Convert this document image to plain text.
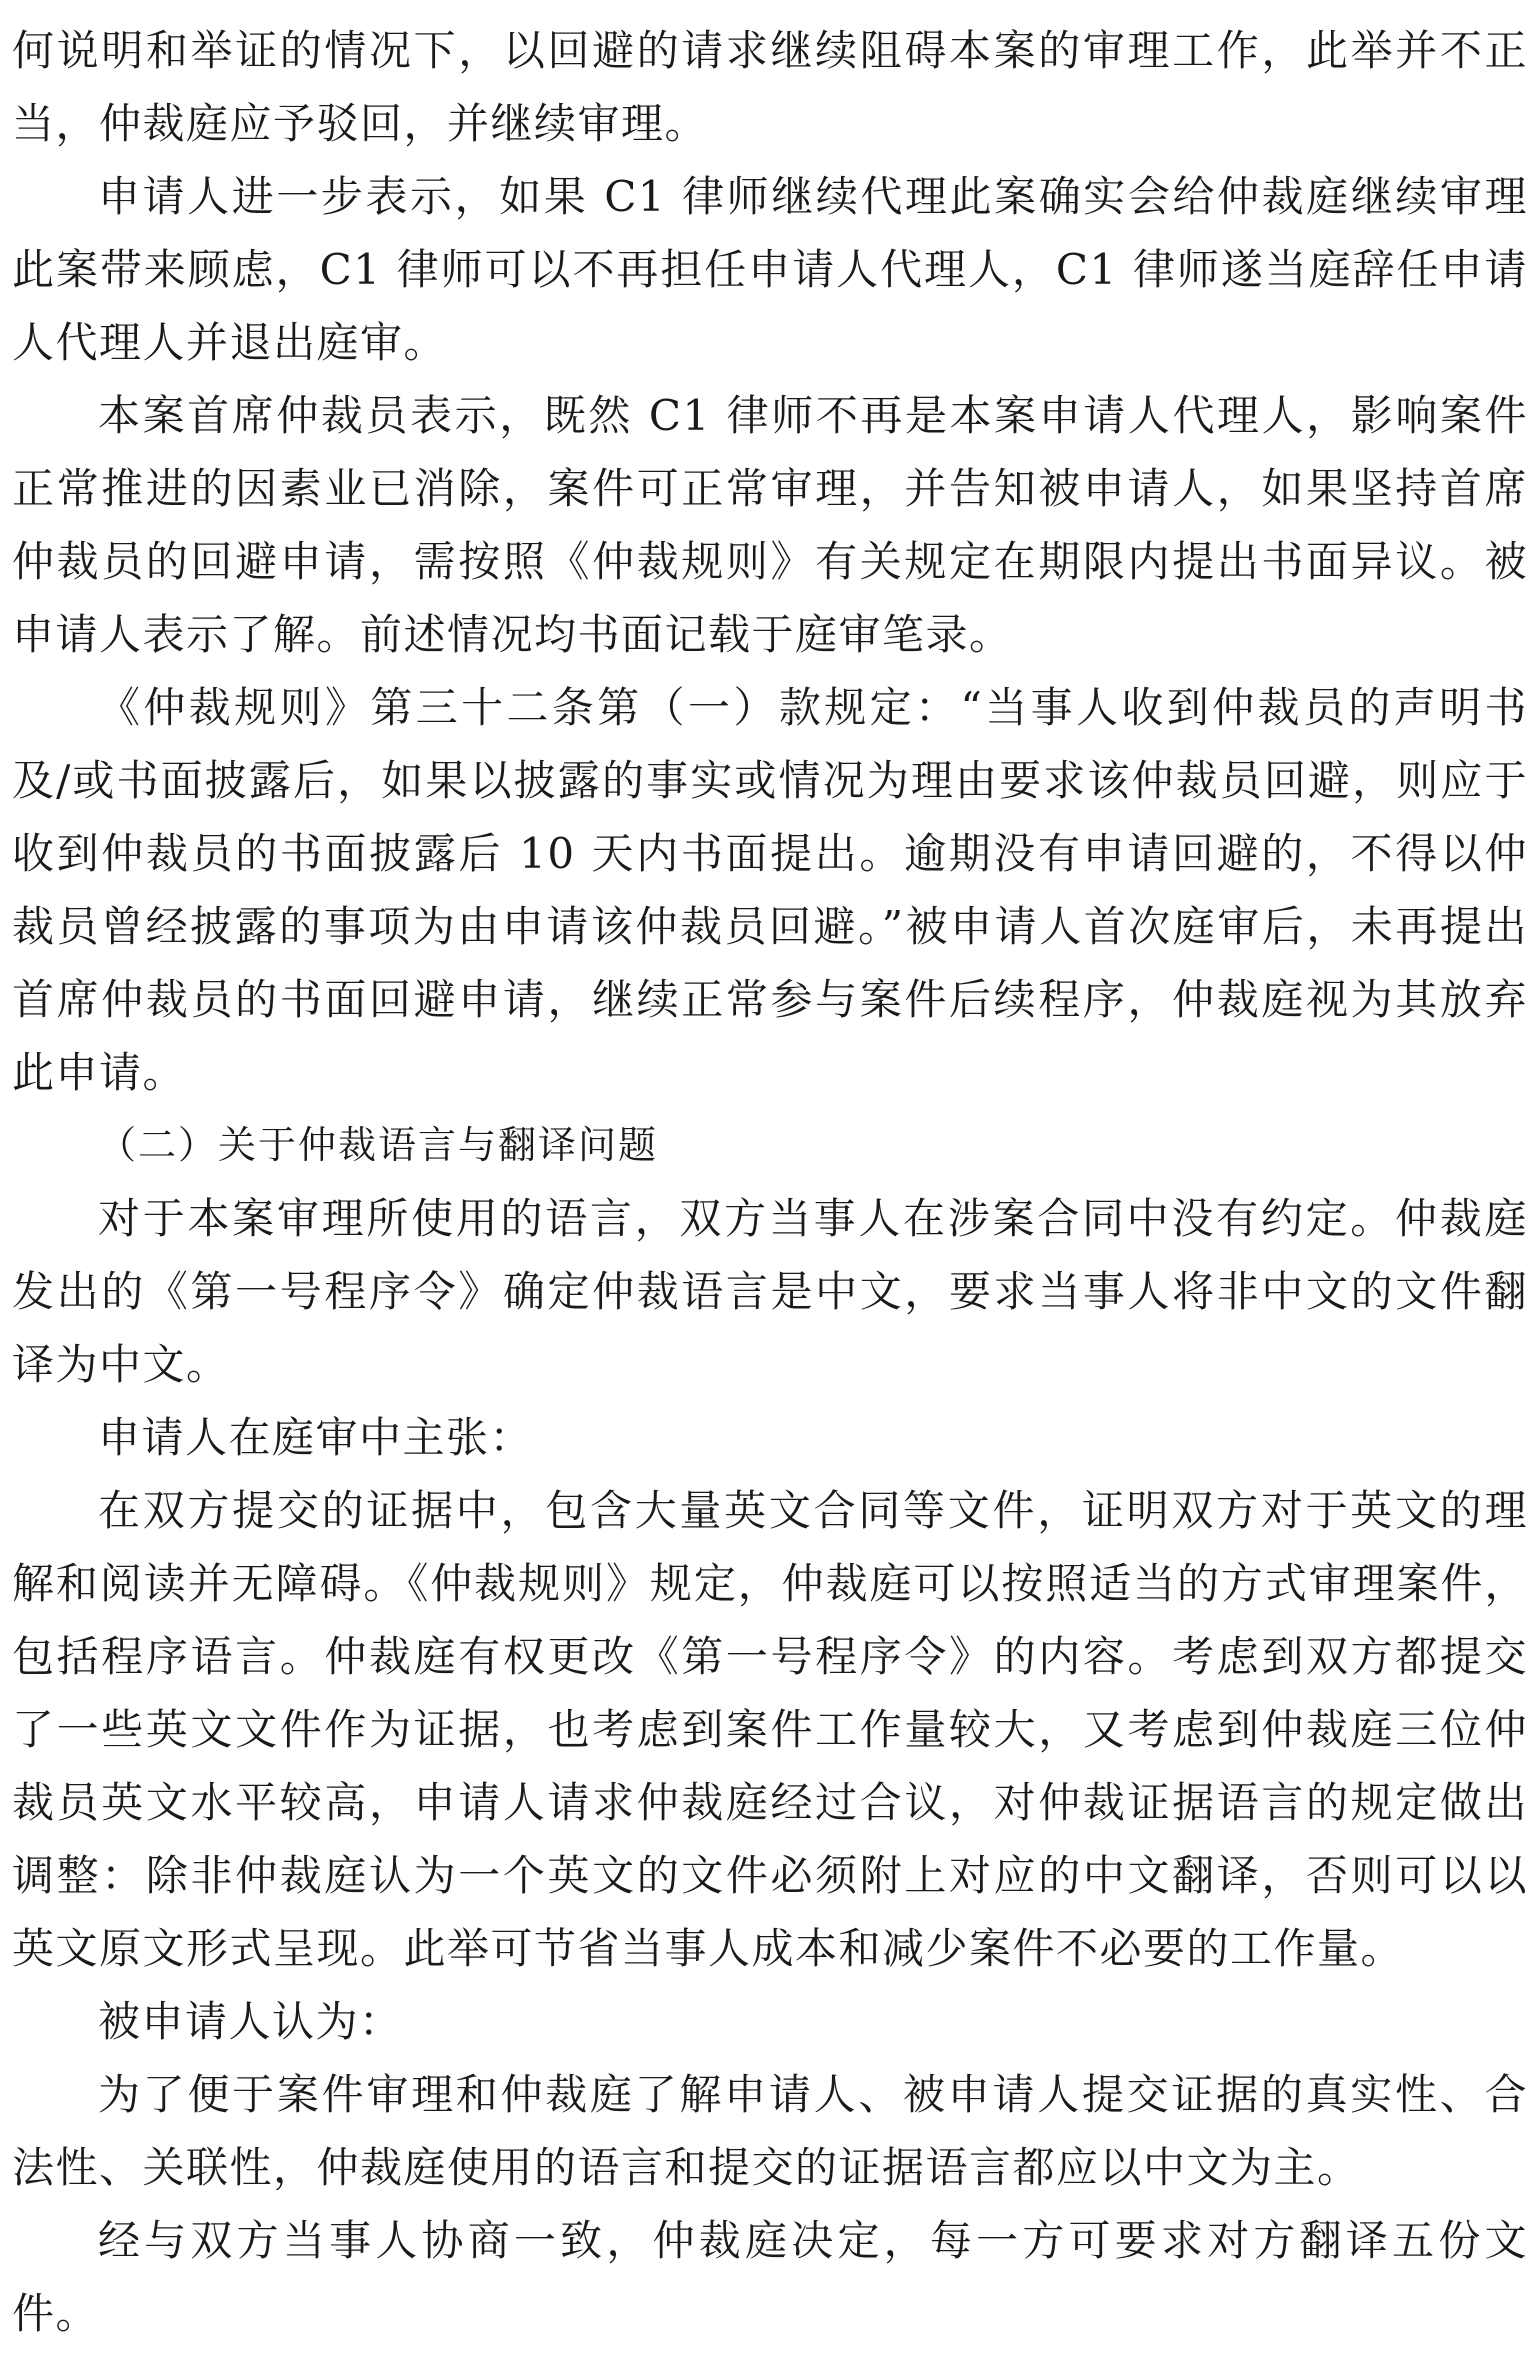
何说明和举证的情况下，以回避的请求继续阻碍本案的审理工作，此举并不正当，仲裁庭应予驳回，并继续审理。

申请人进一步表示，如果 C1 律师继续代理此案确实会给仲裁庭继续审理此案带来顾虑，C1 律师可以不再担任申请人代理人，C1 律师遂当庭辞任申请人代理人并退出庭审。

本案首席仲裁员表示，既然 C1 律师不再是本案申请人代理人，影响案件正常推进的因素业已消除，案件可正常审理，并告知被申请人，如果坚持首席仲裁员的回避申请，需按照《仲裁规则》有关规定在期限内提出书面异议。被申请人表示了解。前述情况均书面记载于庭审笔录。

《仲裁规则》第三十二条第（一）款规定：“当事人收到仲裁员的声明书及/或书面披露后，如果以披露的事实或情况为理由要求该仲裁员回避，则应于收到仲裁员的书面披露后 10 天内书面提出。逾期没有申请回避的，不得以仲裁员曾经披露的事项为由申请该仲裁员回避。”被申请人首次庭审后，未再提出首席仲裁员的书面回避申请，继续正常参与案件后续程序，仲裁庭视为其放弃此申请。

（二）关于仲裁语言与翻译问题

对于本案审理所使用的语言，双方当事人在涉案合同中没有约定。仲裁庭发出的《第一号程序令》确定仲裁语言是中文，要求当事人将非中文的文件翻译为中文。

申请人在庭审中主张：

在双方提交的证据中，包含大量英文合同等文件，证明双方对于英文的理解和阅读并无障碍。《仲裁规则》规定，仲裁庭可以按照适当的方式审理案件，包括程序语言。仲裁庭有权更改《第一号程序令》的内容。考虑到双方都提交了一些英文文件作为证据，也考虑到案件工作量较大，又考虑到仲裁庭三位仲裁员英文水平较高，申请人请求仲裁庭经过合议，对仲裁证据语言的规定做出调整：除非仲裁庭认为一个英文的文件必须附上对应的中文翻译，否则可以以英文原文形式呈现。此举可节省当事人成本和减少案件不必要的工作量。

被申请人认为：

为了便于案件审理和仲裁庭了解申请人、被申请人提交证据的真实性、合法性、关联性，仲裁庭使用的语言和提交的证据语言都应以中文为主。

经与双方当事人协商一致，仲裁庭决定，每一方可要求对方翻译五份文件。
